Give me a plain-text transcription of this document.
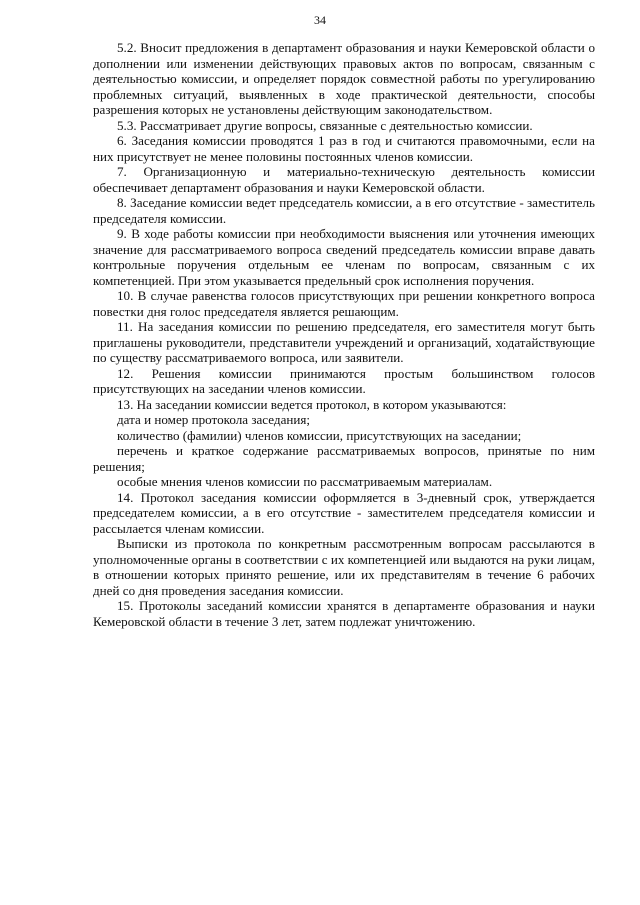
34

5.2. Вносит предложения в департамент образования и науки Кемеровской области о дополнении или изменении действующих правовых актов по вопросам, связанным с деятельностью комиссии, и определяет порядок совместной работы по урегулированию проблемных ситуаций, выявленных в ходе практической деятельности, способы разрешения которых не установлены действующим законодательством.

5.3. Рассматривает другие вопросы, связанные с деятельностью комиссии.

6. Заседания комиссии проводятся 1 раз в год и считаются правомочными, если на них присутствует не менее половины постоянных членов комиссии.

7. Организационную и материально-техническую деятельность комиссии обеспечивает департамент образования и науки Кемеровской области.

8. Заседание комиссии ведет председатель комиссии, а в его отсутствие - заместитель председателя комиссии.

9. В ходе работы комиссии при необходимости выяснения или уточнения имеющих значение для рассматриваемого вопроса сведений председатель комиссии вправе давать контрольные поручения отдельным ее членам по вопросам, связанным с их компетенцией. При этом указывается предельный срок исполнения поручения.

10. В случае равенства голосов присутствующих при решении конкретного вопроса повестки дня голос председателя является решающим.

11. На заседания комиссии по решению председателя, его заместителя могут быть приглашены руководители, представители учреждений и организаций, ходатайствующие по существу рассматриваемого вопроса, или заявители.

12. Решения комиссии принимаются простым большинством голосов присутствующих на заседании членов комиссии.

13. На заседании комиссии ведется протокол, в котором указываются:

дата и номер протокола заседания;

количество (фамилии) членов комиссии, присутствующих на заседании;

перечень и краткое содержание рассматриваемых вопросов, принятые по ним решения;

особые мнения членов комиссии по рассматриваемым материалам.

14. Протокол заседания комиссии оформляется в 3-дневный срок, утверждается председателем комиссии, а в его отсутствие - заместителем председателя комиссии и рассылается членам комиссии.

Выписки из протокола по конкретным рассмотренным вопросам рассылаются в уполномоченные органы в соответствии с их компетенцией или выдаются на руки лицам, в отношении которых принято решение, или их представителям в течение 6 рабочих дней со дня проведения заседания комиссии.

15. Протоколы заседаний комиссии хранятся в департаменте образования и науки Кемеровской области в течение 3 лет, затем подлежат уничтожению.
